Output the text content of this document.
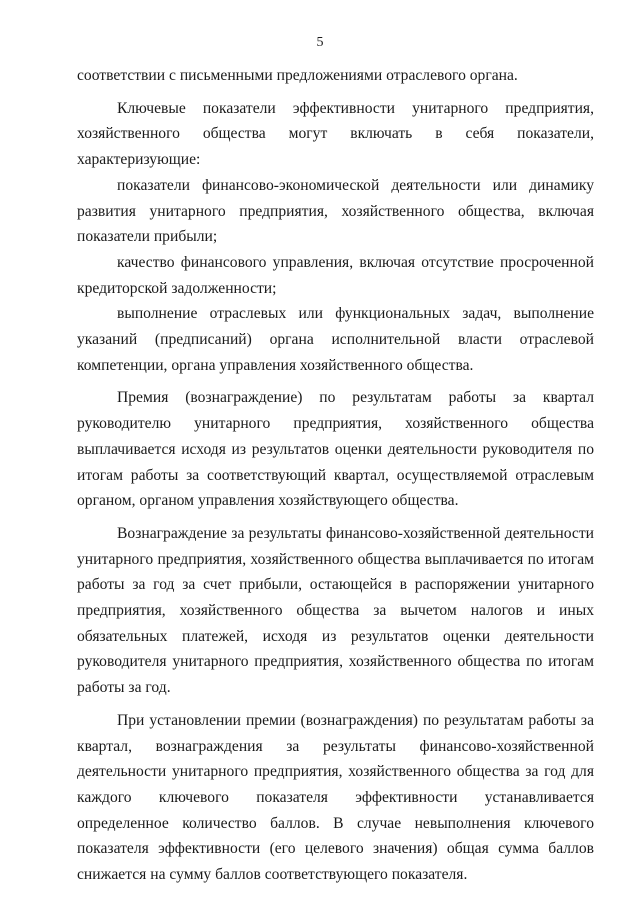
5

соответствии с письменными предложениями отраслевого органа.

Ключевые показатели эффективности унитарного предприятия, хозяйственного общества могут включать в себя показатели, характеризующие:

показатели финансово-экономической деятельности или динамику развития унитарного предприятия, хозяйственного общества, включая показатели прибыли;

качество финансового управления, включая отсутствие просроченной кредиторской задолженности;

выполнение отраслевых или функциональных задач, выполнение указаний (предписаний) органа исполнительной власти отраслевой компетенции, органа управления хозяйственного общества.

Премия (вознаграждение) по результатам работы за квартал руководителю унитарного предприятия, хозяйственного общества выплачивается исходя из результатов оценки деятельности руководителя по итогам работы за соответствующий квартал, осуществляемой отраслевым органом, органом управления хозяйствующего общества.

Вознаграждение за результаты финансово-хозяйственной деятельности унитарного предприятия, хозяйственного общества выплачивается по итогам работы за год за счет прибыли, остающейся в распоряжении унитарного предприятия, хозяйственного общества за вычетом налогов и иных обязательных платежей, исходя из результатов оценки деятельности руководителя унитарного предприятия, хозяйственного общества по итогам работы за год.

При установлении премии (вознаграждения) по результатам работы за квартал, вознаграждения за результаты финансово-хозяйственной деятельности унитарного предприятия, хозяйственного общества за год для каждого ключевого показателя эффективности устанавливается определенное количество баллов. В случае невыполнения ключевого показателя эффективности (его целевого значения) общая сумма баллов снижается на сумму баллов соответствующего показателя.
